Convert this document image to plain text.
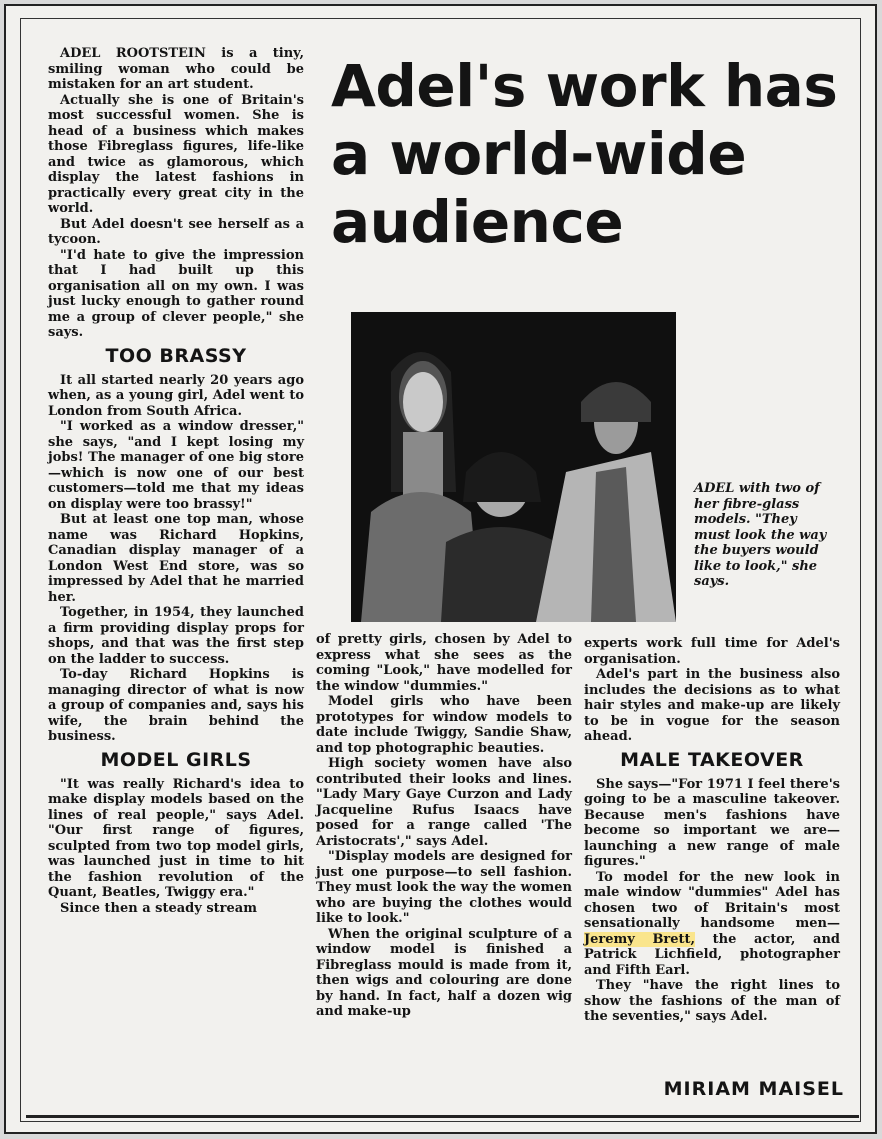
ADEL ROOTSTEIN is a tiny, smiling woman who could be mistaken for an art student.

Actually she is one of Britain's most successful women. She is head of a business which makes those Fibreglass figures, life-like and twice as glamorous, which display the latest fashions in practically every great city in the world.

But Adel doesn't see herself as a tycoon.

"I'd hate to give the impression that I had built up this organisation all on my own. I was just lucky enough to gather round me a group of clever people," she says.

TOO BRASSY

It all started nearly 20 years ago when, as a young girl, Adel went to London from South Africa.

"I worked as a window dresser," she says, "and I kept losing my jobs! The manager of one big store—which is now one of our best customers—told me that my ideas on display were too brassy!"

But at least one top man, whose name was Richard Hopkins, Canadian display manager of a London West End store, was so impressed by Adel that he married her.

Together, in 1954, they launched a firm providing display props for shops, and that was the first step on the ladder to success.

To-day Richard Hopkins is managing director of what is now a group of companies and, says his wife, the brain behind the business.

MODEL GIRLS

"It was really Richard's idea to make display models based on the lines of real people," says Adel. "Our first range of figures, sculpted from two top model girls, was launched just in time to hit the fashion revolution of the Quant, Beatles, Twiggy era."

Since then a steady stream

Adel's work has a world-wide audience
ADEL with two of her fibre-glass models. "They must look the way the buyers would like to look," she says.

of pretty girls, chosen by Adel to express what she sees as the coming "Look," have modelled for the window "dummies."

Model girls who have been prototypes for window models to date include Twiggy, Sandie Shaw, and top photographic beauties.

High society women have also contributed their looks and lines. "Lady Mary Gaye Curzon and Lady Jacqueline Rufus Isaacs have posed for a range called 'The Aristocrats'," says Adel.

"Display models are designed for just one purpose—to sell fashion. They must look the way the women who are buying the clothes would like to look."

When the original sculpture of a window model is finished a Fibreglass mould is made from it, then wigs and colouring are done by hand. In fact, half a dozen wig and make-up

experts work full time for Adel's organisation.

Adel's part in the business also includes the decisions as to what hair styles and make-up are likely to be in vogue for the season ahead.

MALE TAKEOVER

She says—"For 1971 I feel there's going to be a masculine takeover. Because men's fashions have become so important we are—launching a new range of male figures."

To model for the new look in male window "dummies" Adel has chosen two of Britain's most sensationally handsome men—Jeremy Brett, the actor, and Patrick Lichfield, photographer and Fifth Earl.

They "have the right lines to show the fashions of the man of the seventies," says Adel.

MIRIAM MAISEL
